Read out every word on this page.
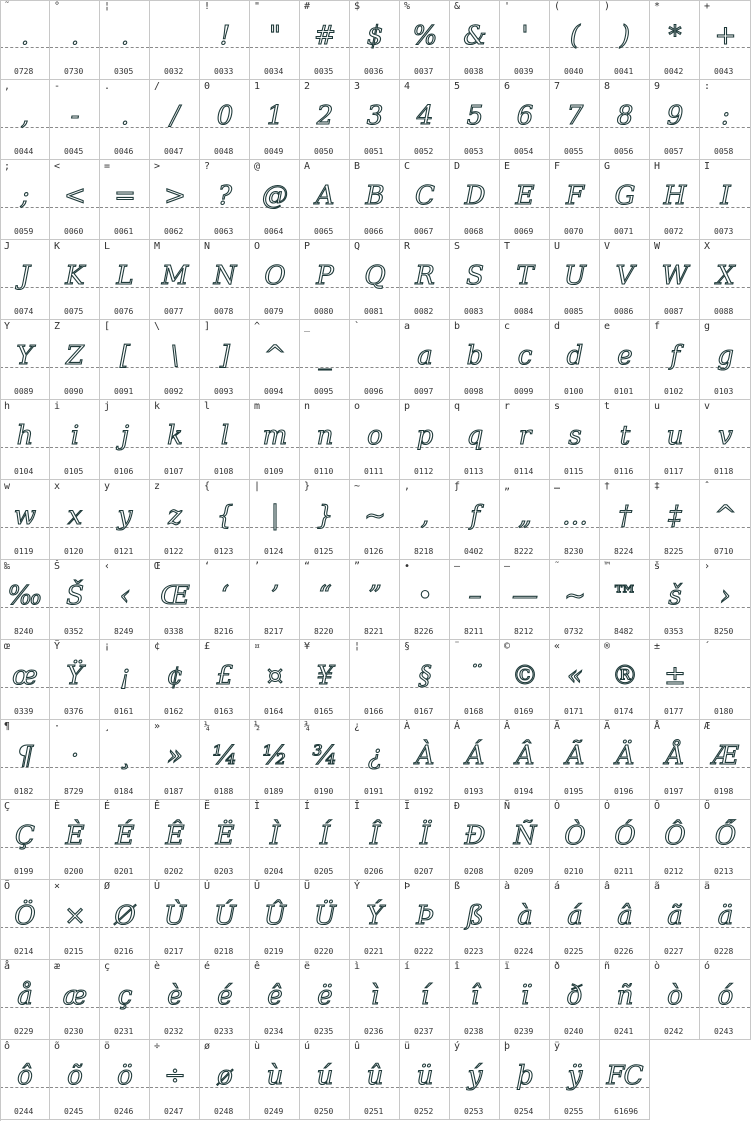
˜
.
0728
°
.
0730
¦
.
0305	0032
!
!
0033
"
"
0034
#
#
0035
$
$
0036
%
%
0037
&
&
0038
'
'
0039
(
(
0040
)
)
0041
*
*
0042
+
+
0043
,
,
0044
-
-
0045
.
.
0046
/
/
0047
0
0
0048
1
1
0049
2
2
0050
3
3
0051
4
4
0052
5
5
0053
6
6
0054
7
7
0055
8
8
0056
9
9
0057
:
:
0058
;
;
0059
<
<
0060
=
=
0061
>
>
0062
?
?
0063
@
@
0064
A
A
0065
B
B
0066
C
C
0067
D
D
0068
E
E
0069
F
F
0070
G
G
0071
H
H
0072
I
I
0073
J
J
0074
K
K
0075
L
L
0076
M
M
0077
N
N
0078
O
O
0079
P
P
0080
Q
Q
0081
R
R
0082
S
S
0083
T
T
0084
U
U
0085
V
V
0086
W
W
0087
X
X
0088
Y
Y
0089
Z
Z
0090
[
[
0091
\
\
0092
]
]
0093
^
^
0094
_
_
0095
`
0096
a
a
0097
b
b
0098
c
c
0099
d
d
0100
e
e
0101
f
f
0102
g
g
0103
h
h
0104
i
i
0105
j
j
0106
k
k
0107
l
l
0108
m
m
0109
n
n
0110
o
o
0111
p
p
0112
q
q
0113
r
r
0114
s
s
0115
t
t
0116
u
u
0117
v
v
0118
w
w
0119
x
x
0120
y
y
0121
z
z
0122
{
{
0123
|
|
0124
}
}
0125
~
~
0126
‚
,
8218
ƒ
f
0402
„
„
8222
…
…
8230
†
†
8224
‡
‡
8225
ˆ
^
0710
‰
‰
8240
Š
Š
0352
‹
‹
8249
Œ
Œ
0338
‘
‘
8216
’
’
8217
“
“
8220
”
”
8221
•
•
8226
–
–
8211
—
—
8212
˜
~
0732
™
™
8482
š
š
0353
›
›
8250
œ
œ
0339
Ÿ
Ÿ
0376
¡
¡
0161
¢
¢
0162
£
£
0163
¤
¤
0164
¥
¥
0165
¦
0166
§
§
0167
¨
¨
0168
©
©
0169
«
«
0171
®
®
0174
±
±
0177
´
0180
¶
¶
0182
·
·
8729
¸
¸
0184
»
»
0187
¼
¼
0188
½
½
0189
¾
¾
0190
¿
¿
0191
À
À
0192
Á
Á
0193
Â
Â
0194
Ã
Ã
0195
Ä
Ä
0196
Å
Å
0197
Æ
Æ
0198
Ç
Ç
0199
È
È
0200
É
É
0201
Ê
Ê
0202
Ë
Ë
0203
Ì
Ì
0204
Í
Í
0205
Î
Î
0206
Ï
Ï
0207
Ð
Ð
0208
Ñ
Ñ
0209
Ò
Ò
0210
Ó
Ó
0211
Ô
Ô
0212
Ő
Ő
0213
Ö
Ö
0214
×
×
0215
Ø
Ø
0216
Ù
Ù
0217
Ú
Ú
0218
Û
Û
0219
Ü
Ü
0220
Ý
Ý
0221
Þ
Þ
0222
ß
ß
0223
à
à
0224
á
á
0225
â
â
0226
ã
ã
0227
ä
ä
0228
å
å
0229
æ
æ
0230
ç
ç
0231
è
è
0232
é
é
0233
ê
ê
0234
ë
ë
0235
ì
ì
0236
í
í
0237
î
î
0238
ï
ï
0239
ð
ð
0240
ñ
ñ
0241
ò
ò
0242
ó
ó
0243
ô
ô
0244
õ
õ
0245
ö
ö
0246
÷
÷
0247
ø
ø
0248
ù
ù
0249
ú
ú
0250
û
û
0251
ü
ü
0252
ý
ý
0253
þ
þ
0254
ÿ
ÿ
0255
FC
61696
